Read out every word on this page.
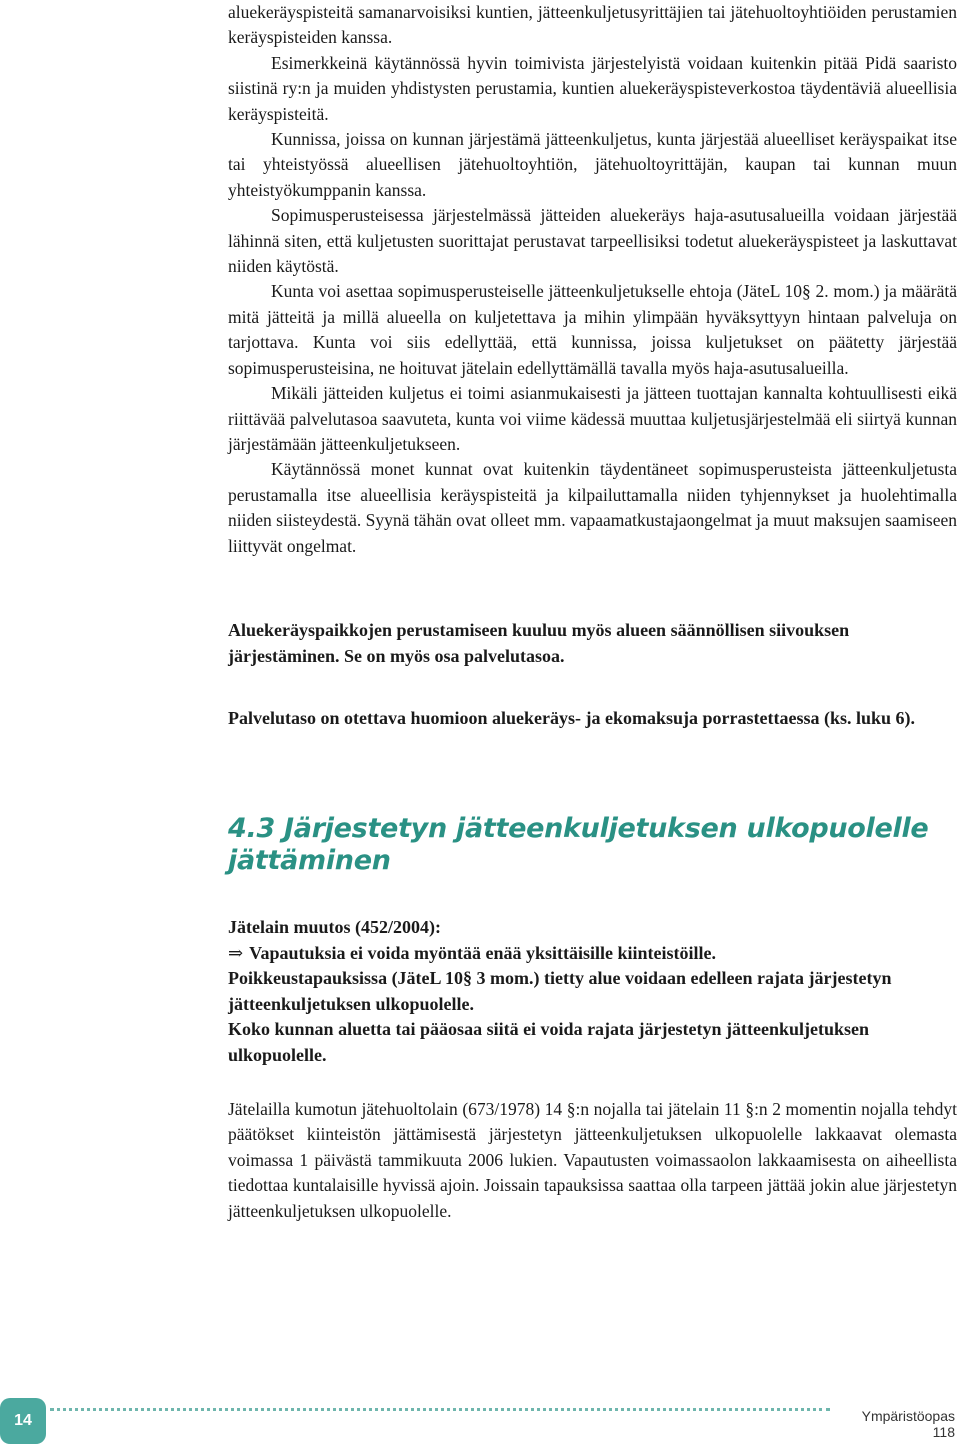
aluekeräyspisteitä samanarvoisiksi kuntien, jätteenkuljetusyrittäjien tai jätehuoltoyhtiöiden perustamien keräyspisteiden kanssa.

Esimerkkeinä käytännössä hyvin toimivista järjestelyistä voidaan kuitenkin pitää Pidä saaristo siistinä ry:n ja muiden yhdistysten perustamia, kuntien aluekeräyspisteverkostoa täydentäviä alueellisia keräyspisteitä.

Kunnissa, joissa on kunnan järjestämä jätteenkuljetus, kunta järjestää alueelliset keräyspaikat itse tai yhteistyössä alueellisen jätehuoltoyhtiön, jätehuoltoyrittäjän, kaupan tai kunnan muun yhteistyökumppanin kanssa.

Sopimusperusteisessa järjestelmässä jätteiden aluekeräys haja-asutusalueilla voidaan järjestää lähinnä siten, että kuljetusten suorittajat perustavat tarpeellisiksi todetut aluekeräyspisteet ja laskuttavat niiden käytöstä.

Kunta voi asettaa sopimusperusteiselle jätteenkuljetukselle ehtoja (JäteL 10§ 2. mom.) ja määrätä mitä jätteitä ja millä alueella on kuljetettava ja mihin ylimpään hyväksyttyyn hintaan palveluja on tarjottava. Kunta voi siis edellyttää, että kunnissa, joissa kuljetukset on päätetty järjestää sopimusperusteisina, ne hoituvat jätelain edellyttämällä tavalla myös haja-asutusalueilla.

Mikäli jätteiden kuljetus ei toimi asianmukaisesti ja jätteen tuottajan kannalta kohtuullisesti eikä riittävää palvelutasoa saavuteta, kunta voi viime kädessä muuttaa kuljetusjärjestelmää eli siirtyä kunnan järjestämään jätteenkuljetukseen.

Käytännössä monet kunnat ovat kuitenkin täydentäneet sopimusperusteista jätteenkuljetusta perustamalla itse alueellisia keräyspisteitä ja kilpailuttamalla niiden tyhjennykset ja huolehtimalla niiden siisteydestä. Syynä tähän ovat olleet mm. vapaamatkustajaongelmat ja muut maksujen saamiseen liittyvät ongelmat.

Aluekeräyspaikkojen perustamiseen kuuluu myös alueen säännöllisen siivouksen järjestäminen. Se on myös osa palvelutasoa.

Palvelutaso on otettava huomioon aluekeräys- ja ekomaksuja porrastettaessa (ks. luku 6).

4.3 Järjestetyn jätteenkuljetuksen ulkopuolelle jättäminen

Jätelain muutos (452/2004):

⇒ Vapautuksia ei voida myöntää enää yksittäisille kiinteistöille.

Poikkeustapauksissa (JäteL 10§ 3 mom.) tietty alue voidaan edelleen rajata järjestetyn jätteenkuljetuksen ulkopuolelle.

Koko kunnan aluetta tai pääosaa siitä ei voida rajata järjestetyn jätteenkuljetuksen ulkopuolelle.

Jätelailla kumotun jätehuoltolain (673/1978) 14 §:n nojalla tai jätelain 11 §:n 2 momentin nojalla tehdyt päätökset kiinteistön jättämisestä järjestetyn jätteenkuljetuksen ulkopuolelle lakkaavat olemasta voimassa 1 päivästä tammikuuta 2006 lukien. Vapautusten voimassaolon lakkaamisesta on aiheellista tiedottaa kuntalaisille hyvissä ajoin. Joissain tapauksissa saattaa olla tarpeen jättää jokin alue järjestetyn jätteenkuljetuksen ulkopuolelle.

14	Ympäristöopas 118
